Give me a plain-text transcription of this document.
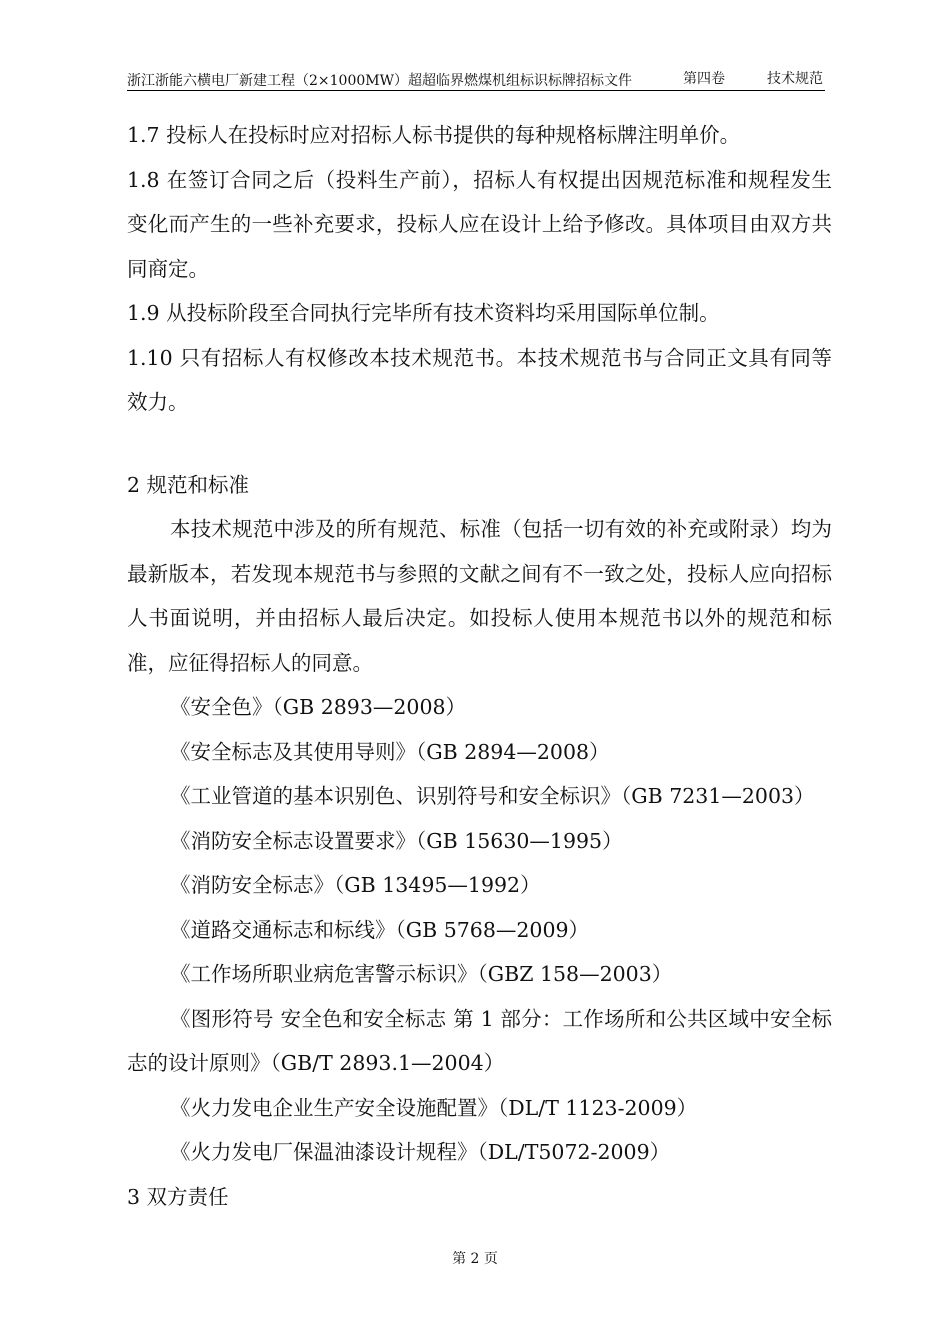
浙江浙能六横电厂新建工程（2×1000MW）超超临界燃煤机组标识标牌招标文件	第四卷	技术规范

1.7 投标人在投标时应对招标人标书提供的每种规格标牌注明单价。

1.8 在签订合同之后（投料生产前），招标人有权提出因规范标准和规程发生变化而产生的一些补充要求，投标人应在设计上给予修改。具体项目由双方共同商定。

1.9 从投标阶段至合同执行完毕所有技术资料均采用国际单位制。

1.10 只有招标人有权修改本技术规范书。本技术规范书与合同正文具有同等效力。

2 规范和标准

本技术规范中涉及的所有规范、标准（包括一切有效的补充或附录）均为最新版本，若发现本规范书与参照的文献之间有不一致之处，投标人应向招标人书面说明，并由招标人最后决定。如投标人使用本规范书以外的规范和标准，应征得招标人的同意。

《安全色》（GB 2893—2008）

《安全标志及其使用导则》（GB 2894—2008）

《工业管道的基本识别色、识别符号和安全标识》（GB 7231—2003）

《消防安全标志设置要求》（GB 15630—1995）

《消防安全标志》（GB 13495—1992）

《道路交通标志和标线》（GB 5768—2009）

《工作场所职业病危害警示标识》（GBZ 158—2003）

《图形符号 安全色和安全标志 第 1 部分：工作场所和公共区域中安全标志的设计原则》（GB/T 2893.1—2004）

《火力发电企业生产安全设施配置》（DL/T 1123-2009）

《火力发电厂保温油漆设计规程》（DL/T5072-2009）

3 双方责任

第 2 页
